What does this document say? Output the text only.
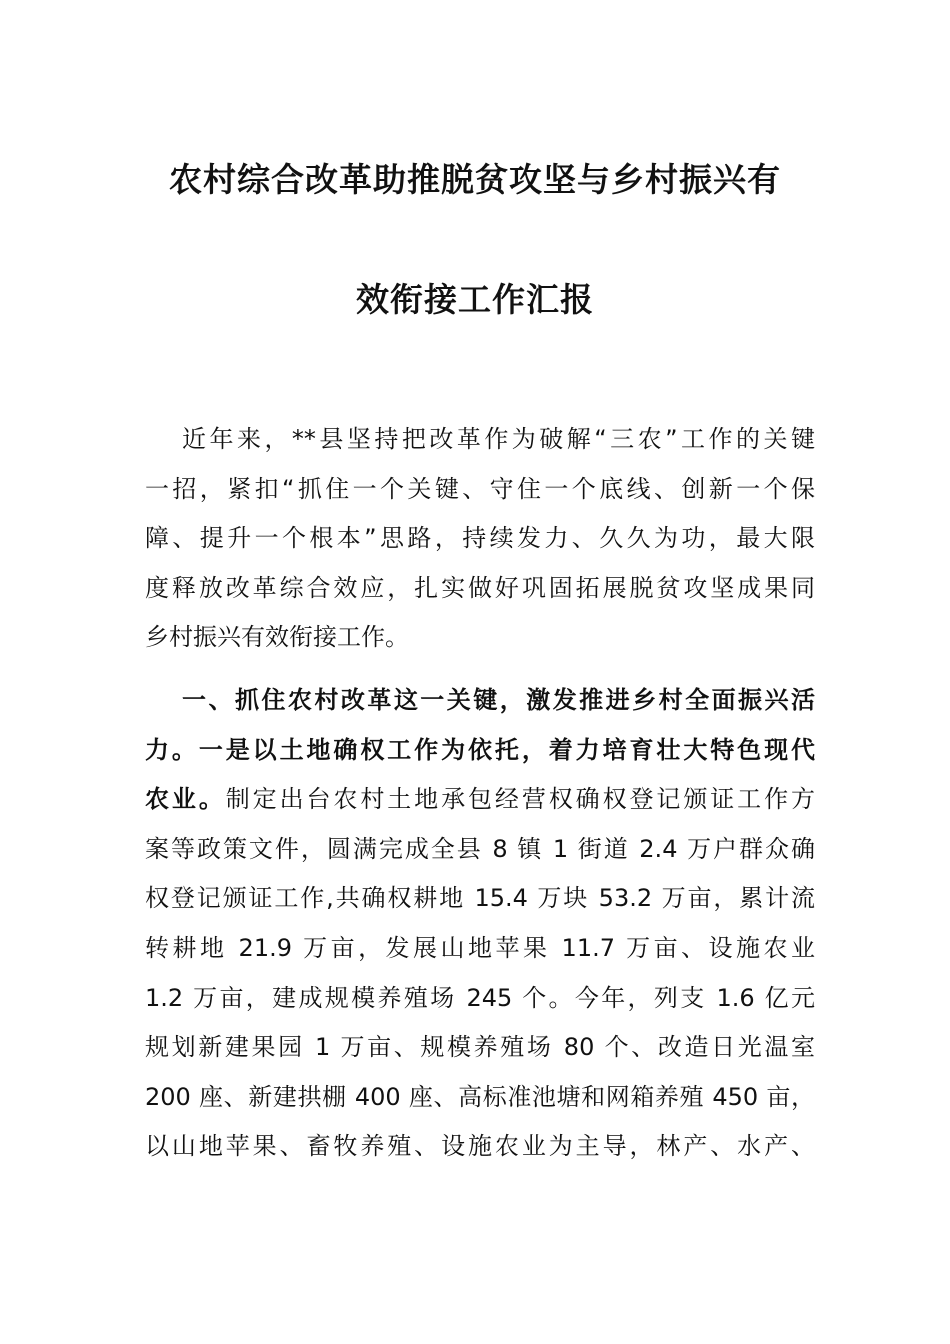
农村综合改革助推脱贫攻坚与乡村振兴有
效衔接工作汇报
近年来，**县坚持把改革作为破解“三农”工作的关键
一招，紧扣“抓住一个关键、守住一个底线、创新一个保
障、提升一个根本”思路，持续发力、久久为功，最大限
度释放改革综合效应，扎实做好巩固拓展脱贫攻坚成果同
乡村振兴有效衔接工作。
一、抓住农村改革这一关键，激发推进乡村全面振兴活
力。一是以土地确权工作为依托，着力培育壮大特色现代
农业。制定出台农村土地承包经营权确权登记颁证工作方
案等政策文件，圆满完成全县 8 镇 1 街道 2.4 万户群众确
权登记颁证工作,共确权耕地 15.4 万块 53.2 万亩，累计流
转耕地 21.9 万亩，发展山地苹果 11.7 万亩、设施农业
1.2 万亩，建成规模养殖场 245 个。今年，列支 1.6 亿元
规划新建果园 1 万亩、规模养殖场 80 个、改造日光温室
200 座、新建拱棚 400 座、高标准池塘和网箱养殖 450 亩，
以山地苹果、畜牧养殖、设施农业为主导，林产、水产、
